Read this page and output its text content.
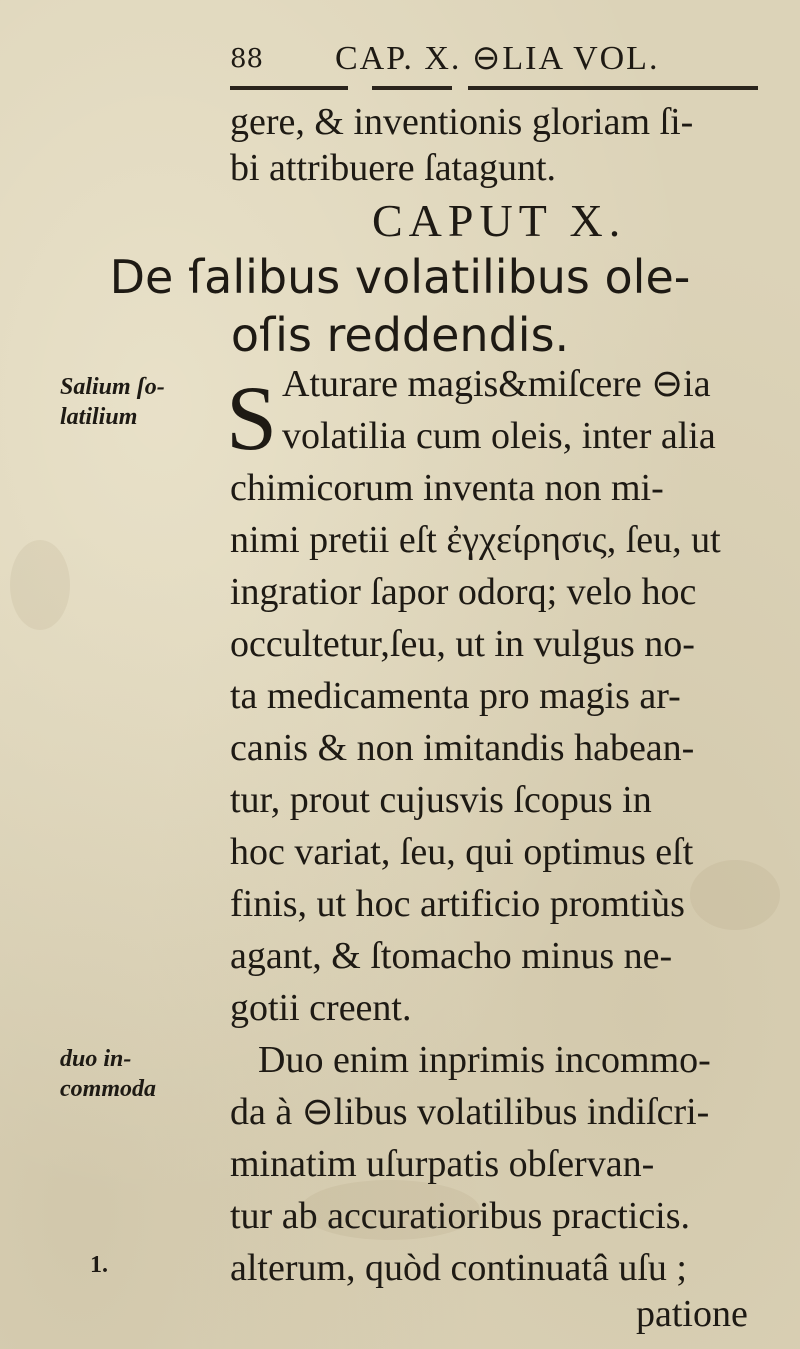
88 CAP. X. ⊖LIA VOL.
gere, & inventionis gloriam ſi-
bi attribuere ſatagunt.
CAPUT X.
De ſalibus volatilibus ole-
oſis reddendis.
S Aturare magis&miſcere ⊖ia
volatilia cum oleis, inter alia
chimicorum inventa non mi-
nimi pretii eſt ἐγχείρησις, ſeu, ut
ingratior ſapor odorq; velo hoc
occultetur,ſeu, ut in vulgus no-
ta medicamenta pro magis ar-
canis & non imitandis habean-
tur, prout cujusvis ſcopus in
hoc variat, ſeu, qui optimus eſt
finis, ut hoc artificio promtiùs
agant, & ſtomacho minus ne-
gotii creent.
Duo enim inprimis incommo-
da à ⊖libus volatilibus indiſcri-
minatim uſurpatis obſervan-
tur ab accuratioribus practicis.
alterum, quòd continuatâ uſu ;
patione
Salium ſo-
latilium
duo in-
commoda
1.
